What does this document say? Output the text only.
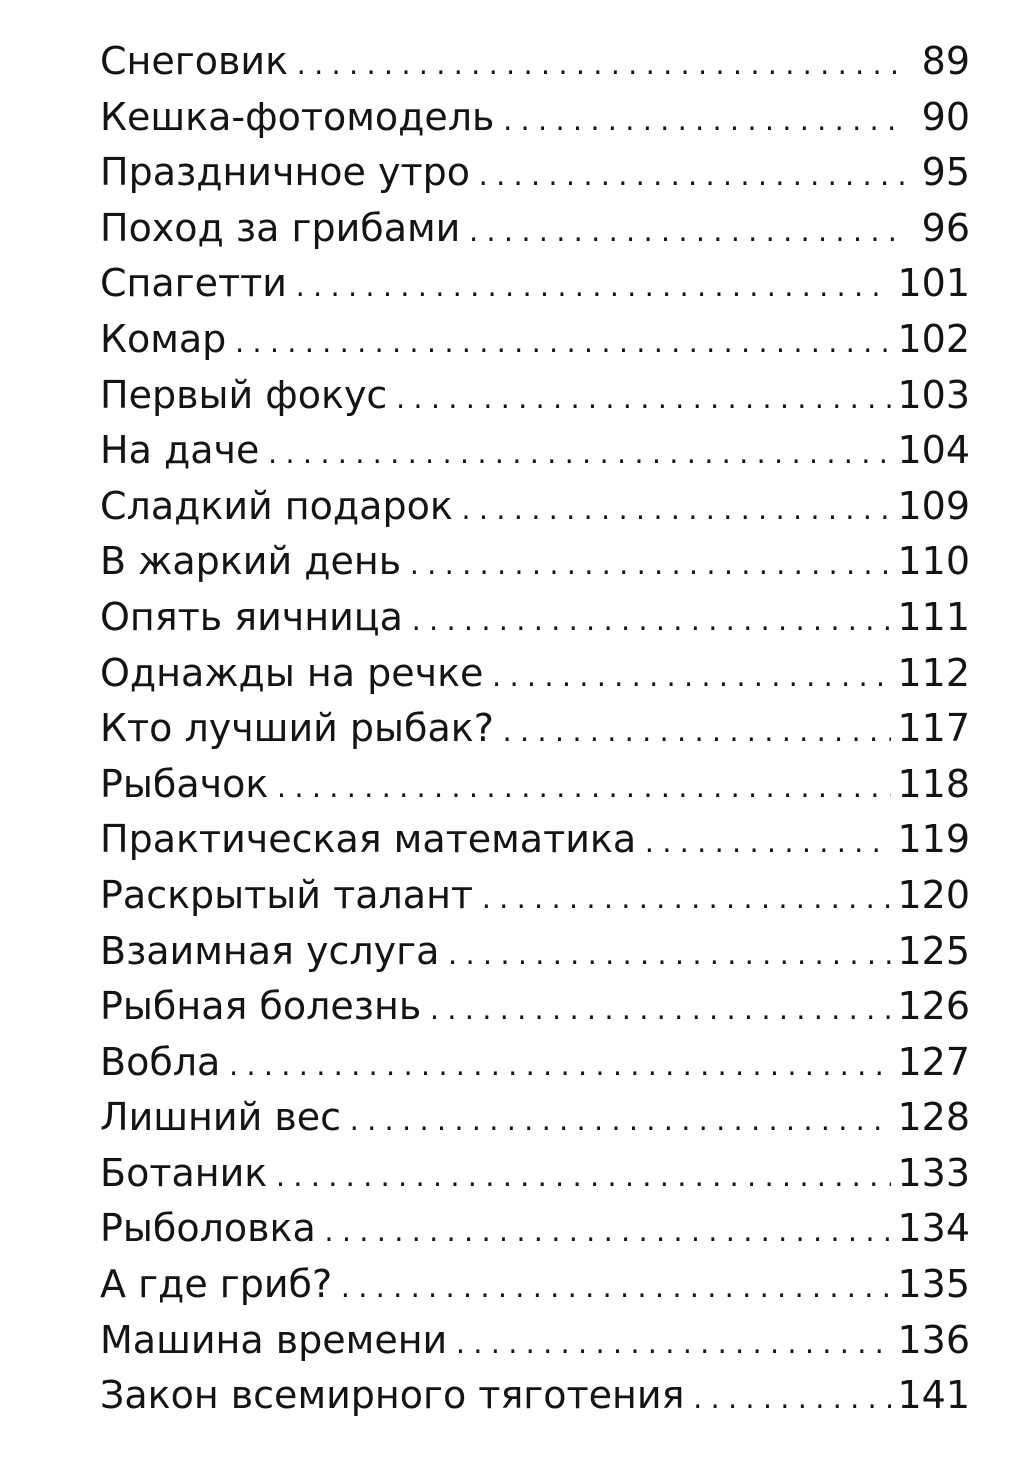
Снеговик .....	89
Кешка-фотомодель .....	90
Праздничное утро .....	95
Поход за грибами .....	96
Спагетти .....	101
Комар .....	102
Первый фокус .....	103
На даче .....	104
Сладкий подарок .....	109
В жаркий день .....	110
Опять яичница .....	111
Однажды на речке .....	112
Кто лучший рыбак? .....	117
Рыбачок .....	118
Практическая математика .....	119
Раскрытый талант .....	120
Взаимная услуга .....	125
Рыбная болезнь .....	126
Вобла .....	127
Лишний вес .....	128
Ботаник .....	133
Рыболовка .....	134
А где гриб? .....	135
Машина времени .....	136
Закон всемирного тяготения .....	141
